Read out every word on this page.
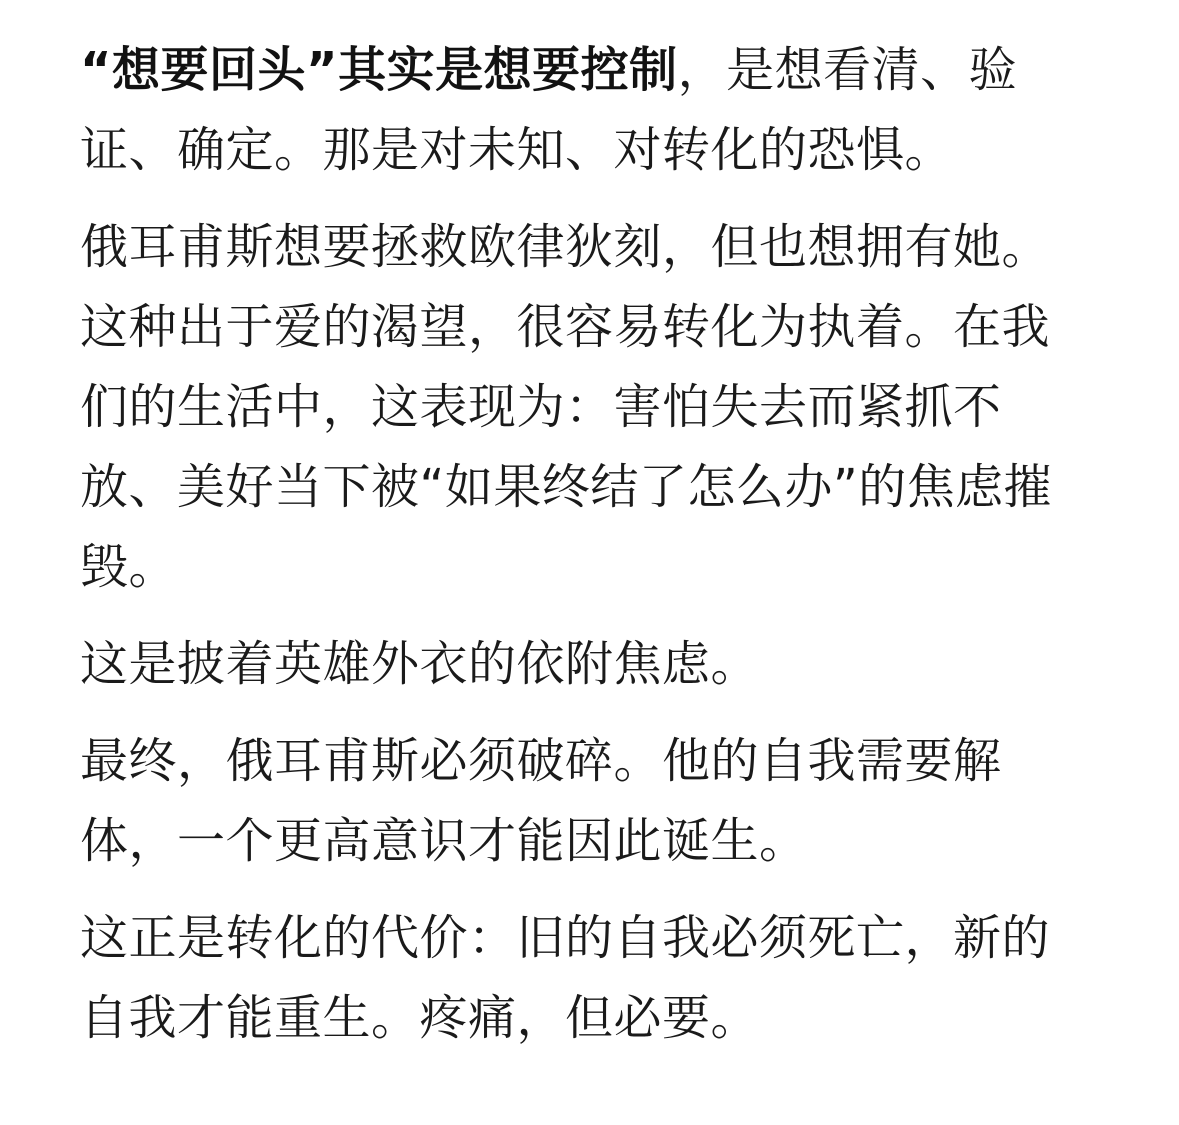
“想要回头”其实是想要控制，是想看清、验证、确定。那是对未知、对转化的恐惧。

俄耳甫斯想要拯救欧律狄刻，但也想拥有她。这种出于爱的渴望，很容易转化为执着。在我们的生活中，这表现为：害怕失去而紧抓不放、美好当下被“如果终结了怎么办”的焦虑摧毁。

这是披着英雄外衣的依附焦虑。

最终，俄耳甫斯必须破碎。他的自我需要解体，一个更高意识才能因此诞生。

这正是转化的代价：旧的自我必须死亡，新的自我才能重生。疼痛，但必要。
